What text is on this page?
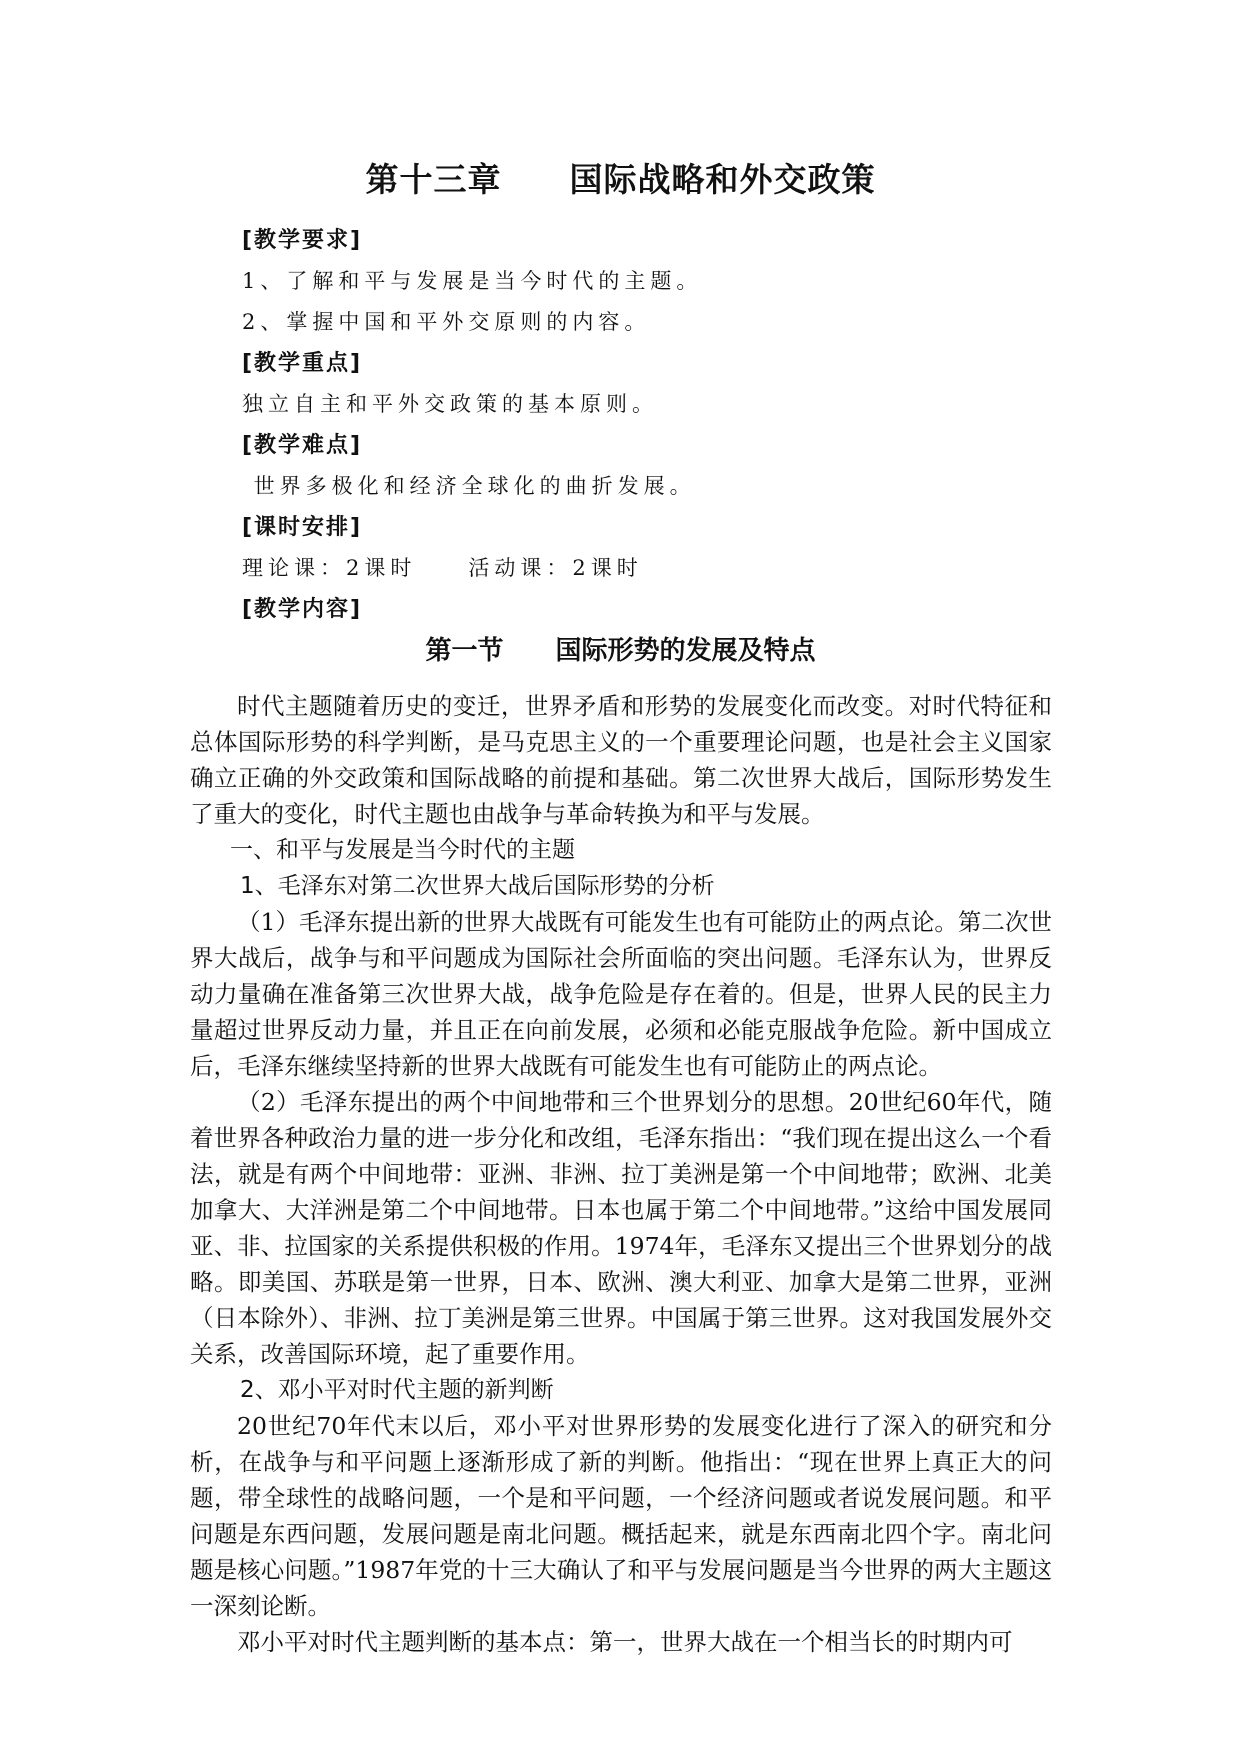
第十三章　　国际战略和外交政策
[教学要求]
1、了解和平与发展是当今时代的主题。
2、掌握中国和平外交原则的内容。
[教学重点]
独立自主和平外交政策的基本原则。
[教学难点]
世界多极化和经济全球化的曲折发展。
[课时安排]
理论课：2课时　　活动课：2课时
[教学内容]
第一节　　国际形势的发展及特点

时代主题随着历史的变迁，世界矛盾和形势的发展变化而改变。对时代特征和总体国际形势的科学判断，是马克思主义的一个重要理论问题，也是社会主义国家确立正确的外交政策和国际战略的前提和基础。第二次世界大战后，国际形势发生了重大的变化，时代主题也由战争与革命转换为和平与发展。

一、和平与发展是当今时代的主题
1、毛泽东对第二次世界大战后国际形势的分析

（1）毛泽东提出新的世界大战既有可能发生也有可能防止的两点论。第二次世界大战后，战争与和平问题成为国际社会所面临的突出问题。毛泽东认为，世界反动力量确在准备第三次世界大战，战争危险是存在着的。但是，世界人民的民主力量超过世界反动力量，并且正在向前发展，必须和必能克服战争危险。新中国成立后，毛泽东继续坚持新的世界大战既有可能发生也有可能防止的两点论。

（2）毛泽东提出的两个中间地带和三个世界划分的思想。20世纪60年代，随着世界各种政治力量的进一步分化和改组，毛泽东指出：“我们现在提出这么一个看法，就是有两个中间地带：亚洲、非洲、拉丁美洲是第一个中间地带；欧洲、北美加拿大、大洋洲是第二个中间地带。日本也属于第二个中间地带。”这给中国发展同亚、非、拉国家的关系提供积极的作用。1974年，毛泽东又提出三个世界划分的战略。即美国、苏联是第一世界，日本、欧洲、澳大利亚、加拿大是第二世界，亚洲（日本除外）、非洲、拉丁美洲是第三世界。中国属于第三世界。这对我国发展外交关系，改善国际环境，起了重要作用。

2、邓小平对时代主题的新判断

20世纪70年代末以后，邓小平对世界形势的发展变化进行了深入的研究和分析，在战争与和平问题上逐渐形成了新的判断。他指出：“现在世界上真正大的问题，带全球性的战略问题，一个是和平问题，一个经济问题或者说发展问题。和平问题是东西问题，发展问题是南北问题。概括起来，就是东西南北四个字。南北问题是核心问题。”1987年党的十三大确认了和平与发展问题是当今世界的两大主题这一深刻论断。

邓小平对时代主题判断的基本点：第一，世界大战在一个相当长的时期内可
